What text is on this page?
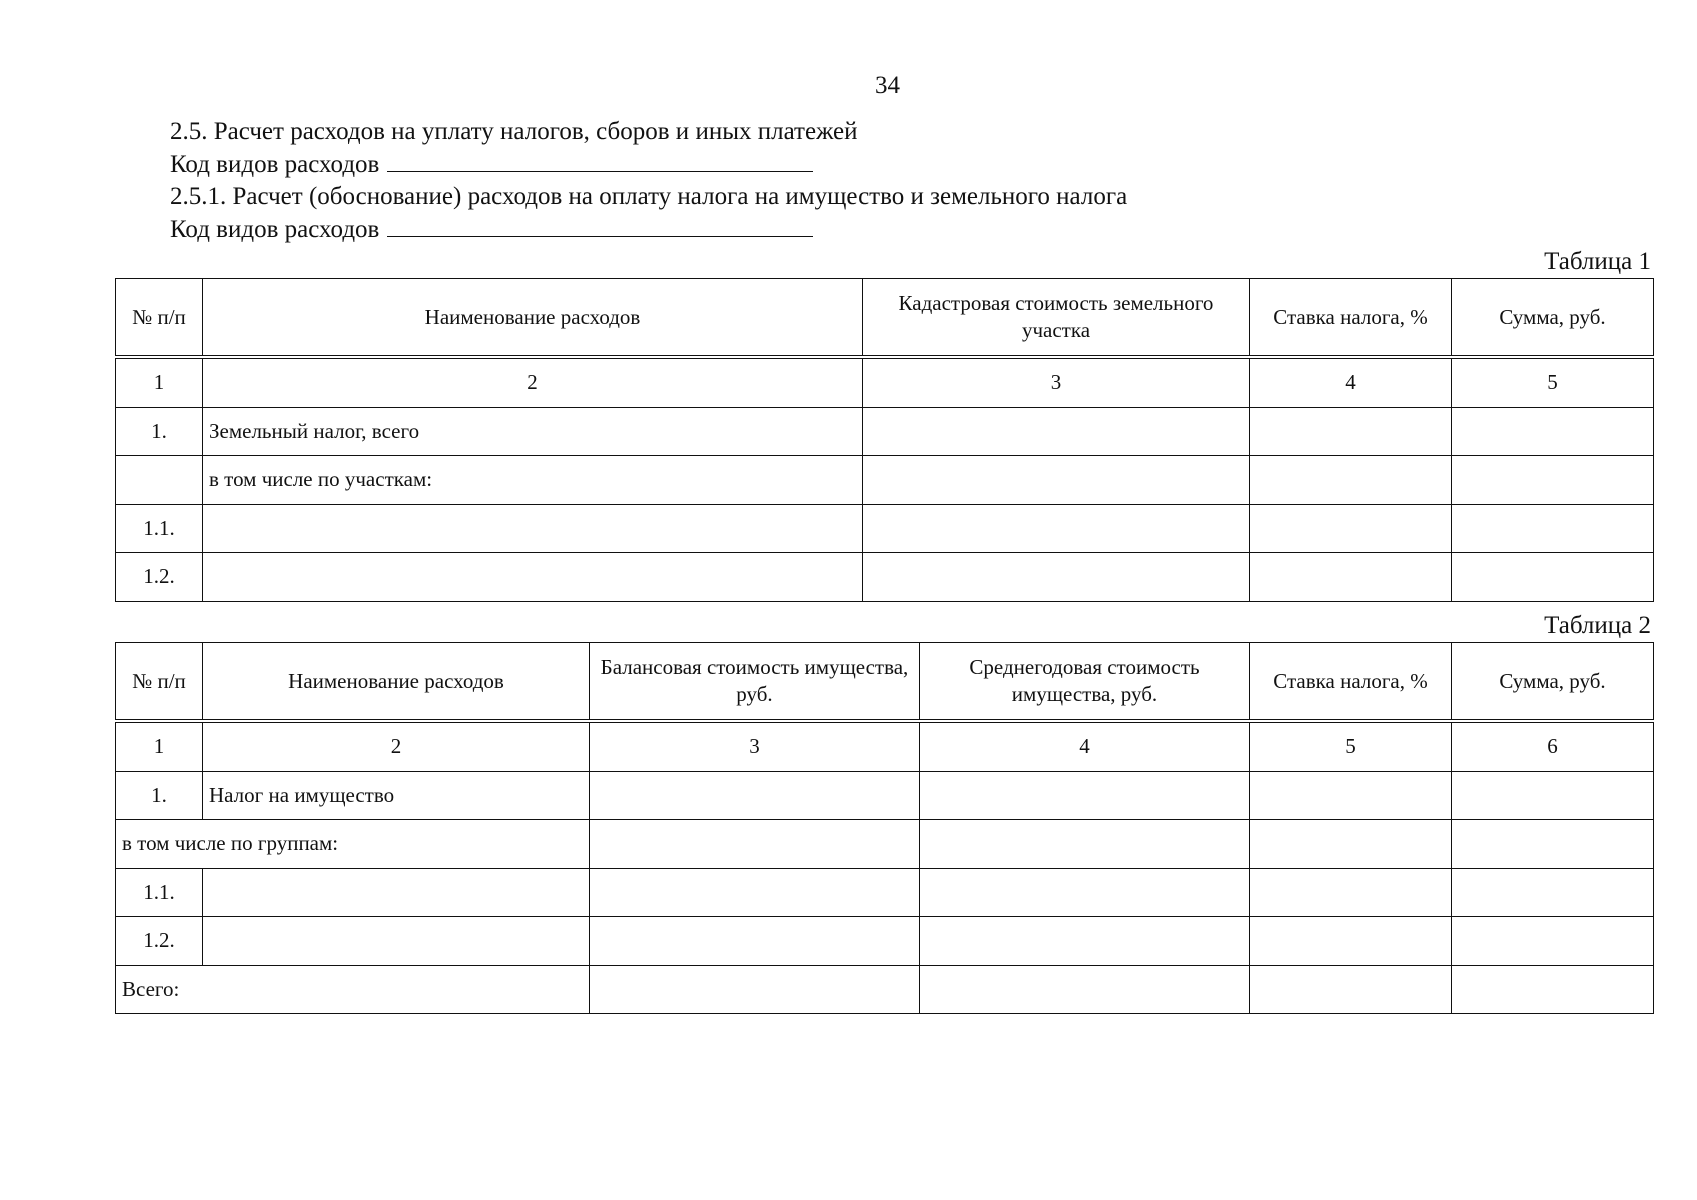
34
2.5. Расчет расходов на уплату налогов, сборов и иных платежей
Код видов расходов
2.5.1. Расчет (обоснование) расходов на оплату налога на имущество и земельного налога
Код видов расходов
Таблица 1
№ п/п	Наименование расходов	Кадастровая стоимость земельного участка	Ставка налога, %	Сумма, руб.
1	2	3	4	5
1.	Земельный налог, всего			
	в том числе по участкам:			
1.1.				
1.2.				
Таблица 2
№ п/п	Наименование расходов	Балансовая стоимость имущества, руб.	Среднегодовая стоимость имущества, руб.	Ставка налога, %	Сумма, руб.
1	2	3	4	5	6
1.	Налог на имущество				
в том числе по группам:					
1.1.					
1.2.					
Всего:					
